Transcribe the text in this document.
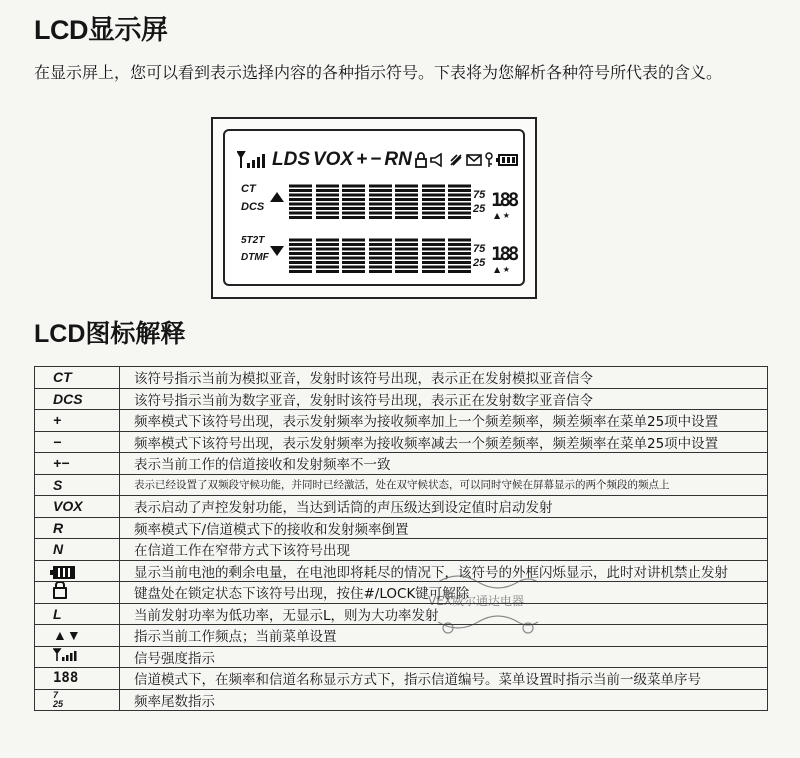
LCD显示屏
在显示屏上，您可以看到表示选择内容的各种指示符号。下表将为您解析各种符号所代表的含义。
LDS VOX + − RN
CT
DCS
75
25 188
▲ ★
5T2T
DTMF
75
25 188
▲ ★
LCD图标解释
CT	该符号指示当前为模拟亚音，发射时该符号出现，表示正在发射模拟亚音信令
DCS	该符号指示当前为数字亚音，发射时该符号出现，表示正在发射数字亚音信令
+	频率模式下该符号出现，表示发射频率为接收频率加上一个频差频率，频差频率在菜单25项中设置
−	频率模式下该符号出现，表示发射频率为接收频率减去一个频差频率，频差频率在菜单25项中设置
+−	表示当前工作的信道接收和发射频率不一致
S	表示已经设置了双频段守候功能，并同时已经激活，处在双守候状态，可以同时守候在屏幕显示的两个频段的频点上
VOX	表示启动了声控发射功能，当达到话筒的声压级达到设定值时启动发射
R	频率模式下/信道模式下的接收和发射频率倒置
N	在信道工作在窄带方式下该符号出现
	显示当前电池的剩余电量，在电池即将耗尽的情况下，该符号的外框闪烁显示，此时对讲机禁止发射
	键盘处在锁定状态下该符号出现，按住#/LOCK键可解除
L	当前发射功率为低功率，无显示L，则为大功率发射
▲▼	指示当前工作频点；当前菜单设置
	信号强度指示
188	信道模式下，在频率和信道名称显示方式下，指示信道编号。菜单设置时指示当前一级菜单序号

7
25	频率尾数指示
VEX威尔通达电器
